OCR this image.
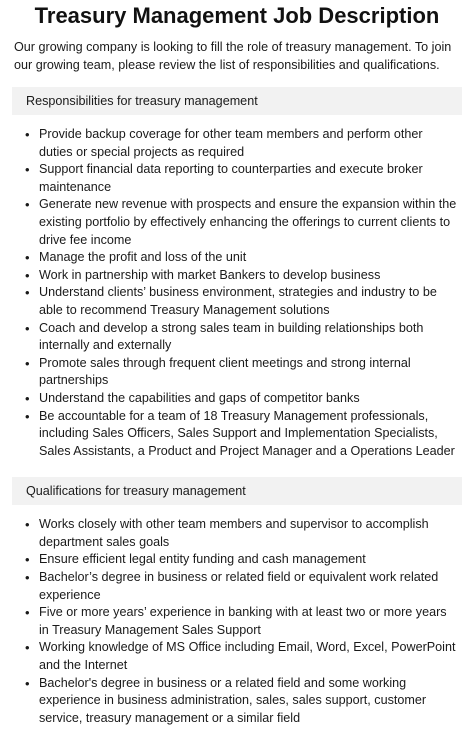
Treasury Management Job Description
Our growing company is looking to fill the role of treasury management. To join our growing team, please review the list of responsibilities and qualifications.
Responsibilities for treasury management
• Provide backup coverage for other team members and perform other duties or special projects as required
• Support financial data reporting to counterparties and execute broker maintenance
• Generate new revenue with prospects and ensure the expansion within the existing portfolio by effectively enhancing the offerings to current clients to drive fee income
• Manage the profit and loss of the unit
• Work in partnership with market Bankers to develop business
• Understand clients’ business environment, strategies and industry to be able to recommend Treasury Management solutions
• Coach and develop a strong sales team in building relationships both internally and externally
• Promote sales through frequent client meetings and strong internal partnerships
• Understand the capabilities and gaps of competitor banks
• Be accountable for a team of 18 Treasury Management professionals, including Sales Officers, Sales Support and Implementation Specialists, Sales Assistants, a Product and Project Manager and a Operations Leader
Qualifications for treasury management
• Works closely with other team members and supervisor to accomplish department sales goals
• Ensure efficient legal entity funding and cash management
• Bachelor’s degree in business or related field or equivalent work related experience
• Five or more years’ experience in banking with at least two or more years in Treasury Management Sales Support
• Working knowledge of MS Office including Email, Word, Excel, PowerPoint and the Internet
• Bachelor's degree in business or a related field and some working experience in business administration, sales, sales support, customer service, treasury management or a similar field
